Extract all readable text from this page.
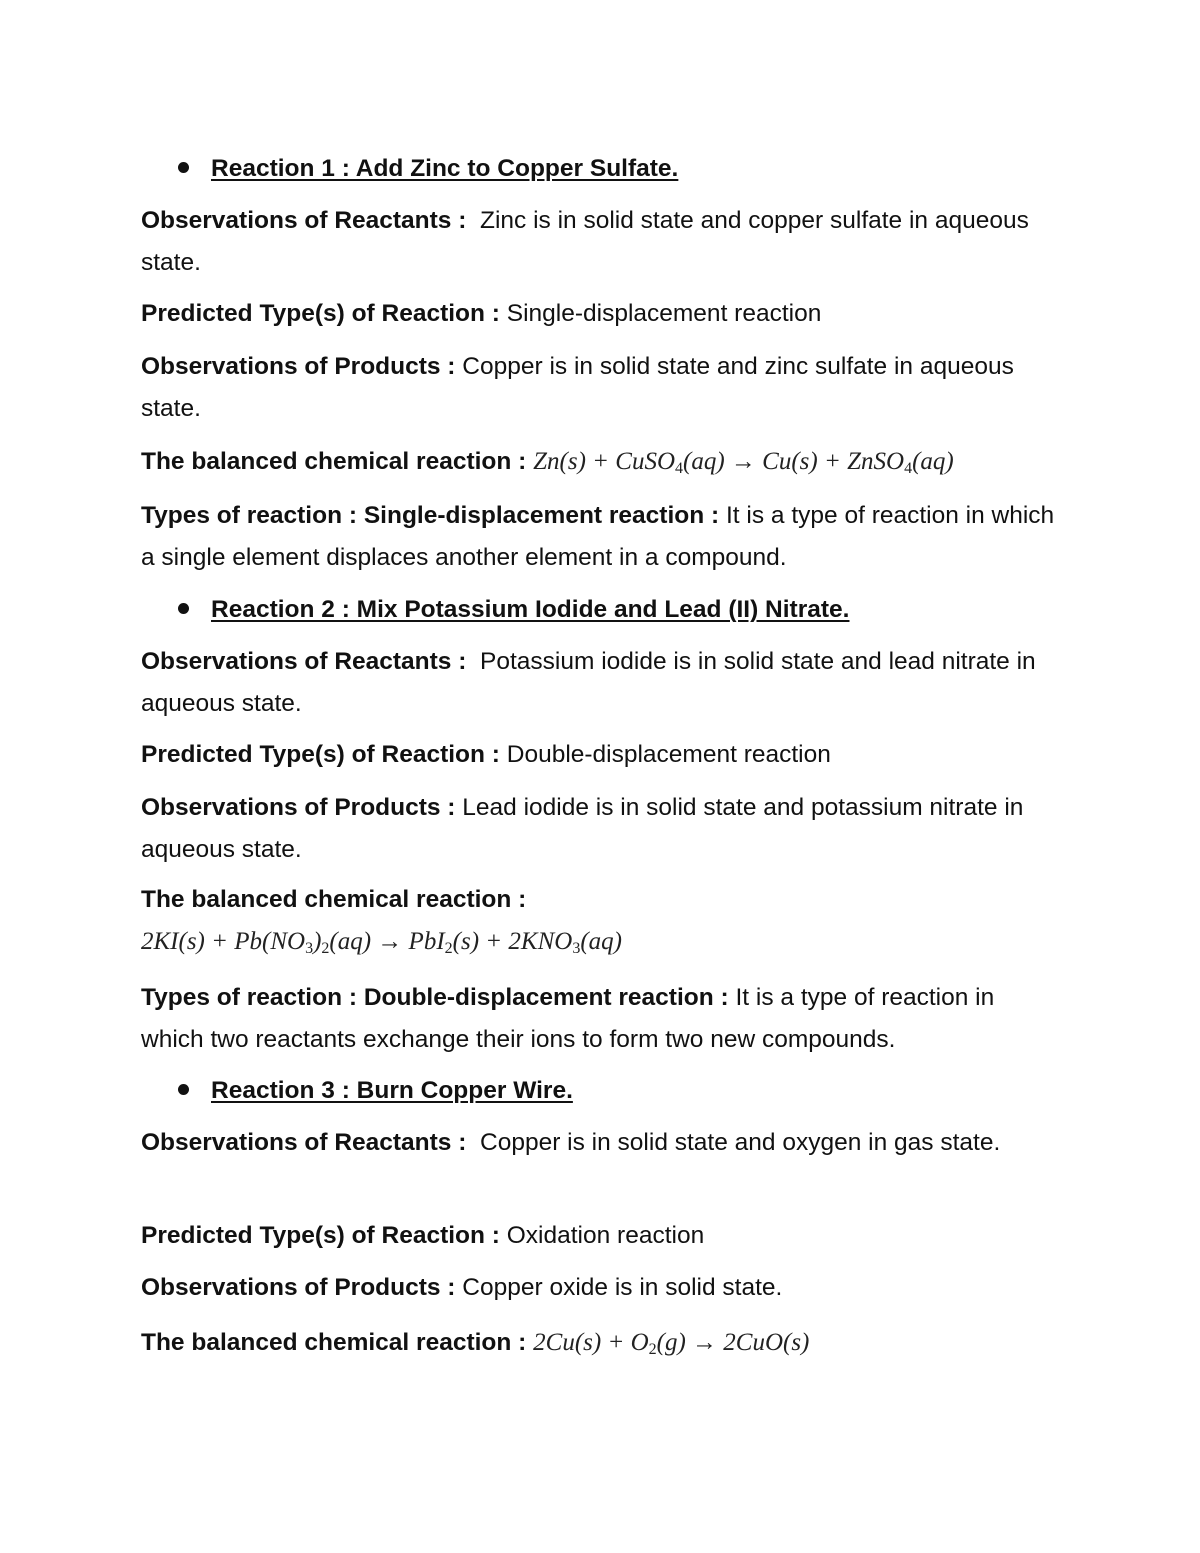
Reaction 1 : Add Zinc to Copper Sulfate.
Observations of Reactants : Zinc is in solid state and copper sulfate in aqueous state.
Predicted Type(s) of Reaction : Single-displacement reaction
Observations of Products : Copper is in solid state and zinc sulfate in aqueous state.
The balanced chemical reaction : Zn(s) + CuSO$_4$(aq) → Cu(s) + ZnSO$_4$(aq)
Types of reaction : Single-displacement reaction : It is a type of reaction in which a single element displaces another element in a compound.
Reaction 2 : Mix Potassium Iodide and Lead (II) Nitrate.
Observations of Reactants : Potassium iodide is in solid state and lead nitrate in aqueous state.
Predicted Type(s) of Reaction : Double-displacement reaction
Observations of Products : Lead iodide is in solid state and potassium nitrate in aqueous state.
The balanced chemical reaction :
$2KI(s) + Pb(NO_3)_2(aq) \to PbI_2(s) + 2KNO_3(aq)$
Types of reaction : Double-displacement reaction : It is a type of reaction in which two reactants exchange their ions to form two new compounds.
Reaction 3 : Burn Copper Wire.
Observations of Reactants : Copper is in solid state and oxygen in gas state.
Predicted Type(s) of Reaction : Oxidation reaction
Observations of Products : Copper oxide is in solid state.
The balanced chemical reaction : $2Cu(s) + O_2(g) \to 2CuO(s)$
